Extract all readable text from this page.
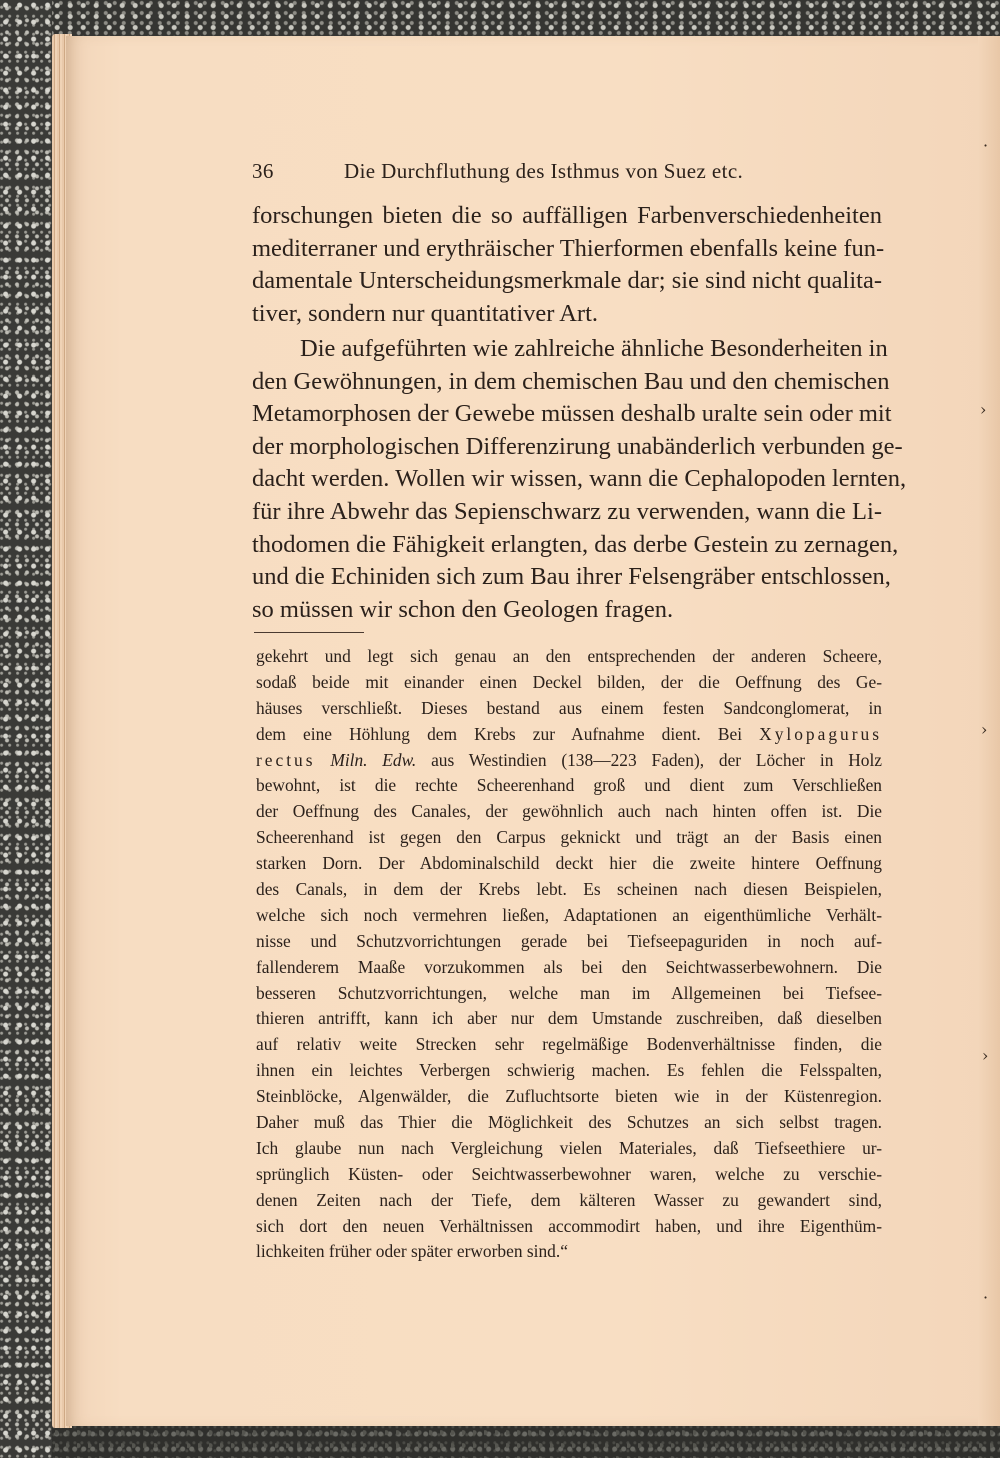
·
›
›
›
·
36	Die Durchfluthung des Isthmus von Suez etc.
forschungen bieten die so auffälligen Farbenverschiedenheiten
mediterraner und erythräischer Thierformen ebenfalls keine fun-
damentale Unterscheidungsmerkmale dar; sie sind nicht qualita-
tiver, sondern nur quantitativer Art.
Die aufgeführten wie zahlreiche ähnliche Besonderheiten in
den Gewöhnungen, in dem chemischen Bau und den chemischen
Metamorphosen der Gewebe müssen deshalb uralte sein oder mit
der morphologischen Differenzirung unabänderlich verbunden ge-
dacht werden. Wollen wir wissen, wann die Cephalopoden lernten,
für ihre Abwehr das Sepienschwarz zu verwenden, wann die Li-
thodomen die Fähigkeit erlangten, das derbe Gestein zu zernagen,
und die Echiniden sich zum Bau ihrer Felsengräber entschlossen,
so müssen wir schon den Geologen fragen.
gekehrt und legt sich genau an den entsprechenden der anderen Scheere,
sodaß beide mit einander einen Deckel bilden, der die Oeffnung des Ge-
häuses verschließt. Dieses bestand aus einem festen Sandconglomerat, in
dem eine Höhlung dem Krebs zur Aufnahme dient. Bei Xylopagurus
rectus Miln. Edw. aus Westindien (138—223 Faden), der Löcher in Holz
bewohnt, ist die rechte Scheerenhand groß und dient zum Verschließen
der Oeffnung des Canales, der gewöhnlich auch nach hinten offen ist. Die
Scheerenhand ist gegen den Carpus geknickt und trägt an der Basis einen
starken Dorn. Der Abdominalschild deckt hier die zweite hintere Oeffnung
des Canals, in dem der Krebs lebt. Es scheinen nach diesen Beispielen,
welche sich noch vermehren ließen, Adaptationen an eigenthümliche Verhält-
nisse und Schutzvorrichtungen gerade bei Tiefseepaguriden in noch auf-
fallenderem Maaße vorzukommen als bei den Seichtwasserbewohnern. Die
besseren Schutzvorrichtungen, welche man im Allgemeinen bei Tiefsee-
thieren antrifft, kann ich aber nur dem Umstande zuschreiben, daß dieselben
auf relativ weite Strecken sehr regelmäßige Bodenverhältnisse finden, die
ihnen ein leichtes Verbergen schwierig machen. Es fehlen die Felsspalten,
Steinblöcke, Algenwälder, die Zufluchtsorte bieten wie in der Küstenregion.
Daher muß das Thier die Möglichkeit des Schutzes an sich selbst tragen.
Ich glaube nun nach Vergleichung vielen Materiales, daß Tiefseethiere ur-
sprünglich Küsten- oder Seichtwasserbewohner waren, welche zu verschie-
denen Zeiten nach der Tiefe, dem kälteren Wasser zu gewandert sind,
sich dort den neuen Verhältnissen accommodirt haben, und ihre Eigenthüm-
lichkeiten früher oder später erworben sind.“
